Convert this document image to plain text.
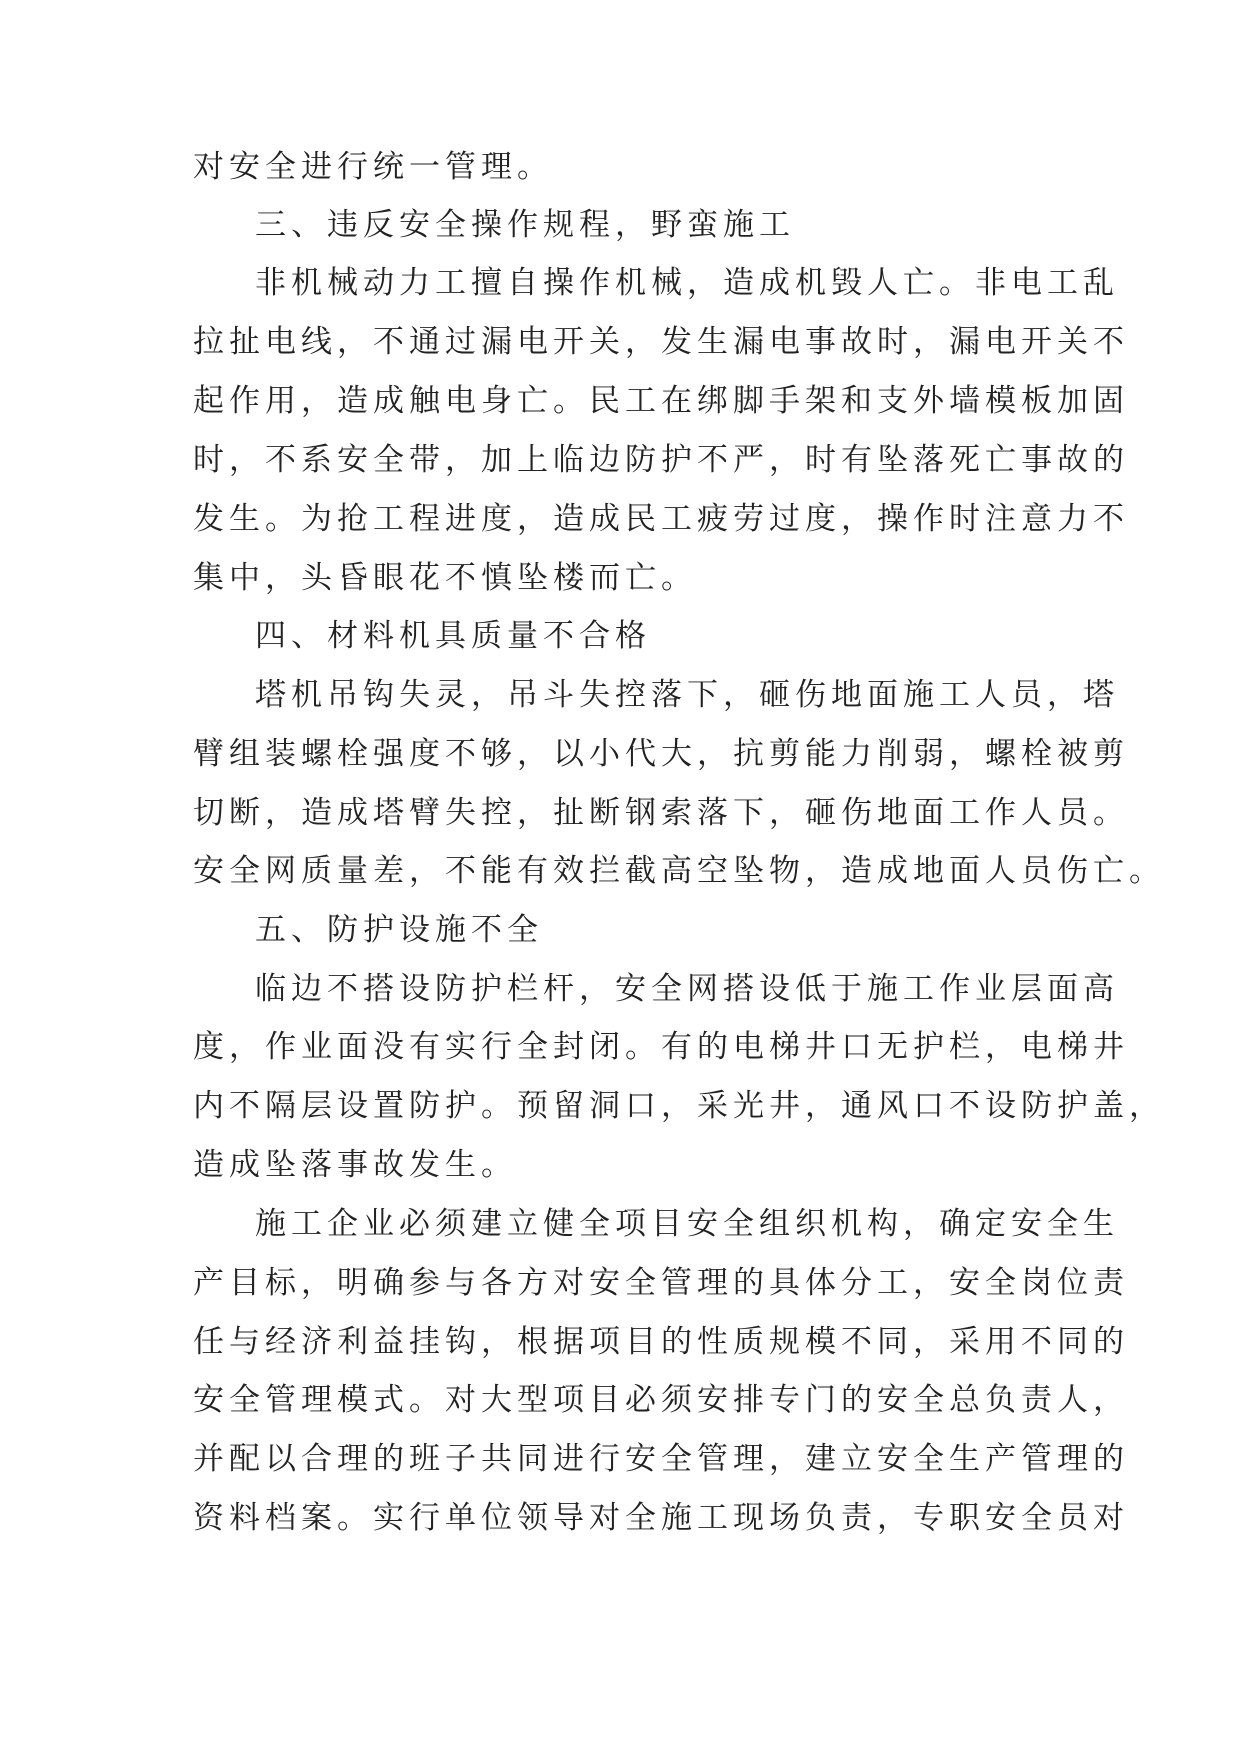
对安全进行统一管理。
三、违反安全操作规程，野蛮施工
非机械动力工擅自操作机械，造成机毁人亡。非电工乱
拉扯电线，不通过漏电开关，发生漏电事故时，漏电开关不
起作用，造成触电身亡。民工在绑脚手架和支外墙模板加固
时，不系安全带，加上临边防护不严，时有坠落死亡事故的
发生。为抢工程进度，造成民工疲劳过度，操作时注意力不
集中，头昏眼花不慎坠楼而亡。
四、材料机具质量不合格
塔机吊钩失灵，吊斗失控落下，砸伤地面施工人员，塔
臂组装螺栓强度不够，以小代大，抗剪能力削弱，螺栓被剪
切断，造成塔臂失控，扯断钢索落下，砸伤地面工作人员。
安全网质量差，不能有效拦截高空坠物，造成地面人员伤亡。
五、防护设施不全
临边不搭设防护栏杆，安全网搭设低于施工作业层面高
度，作业面没有实行全封闭。有的电梯井口无护栏，电梯井
内不隔层设置防护。预留洞口，采光井，通风口不设防护盖，
造成坠落事故发生。
施工企业必须建立健全项目安全组织机构，确定安全生
产目标，明确参与各方对安全管理的具体分工，安全岗位责
任与经济利益挂钩，根据项目的性质规模不同，采用不同的
安全管理模式。对大型项目必须安排专门的安全总负责人，
并配以合理的班子共同进行安全管理，建立安全生产管理的
资料档案。实行单位领导对全施工现场负责，专职安全员对
